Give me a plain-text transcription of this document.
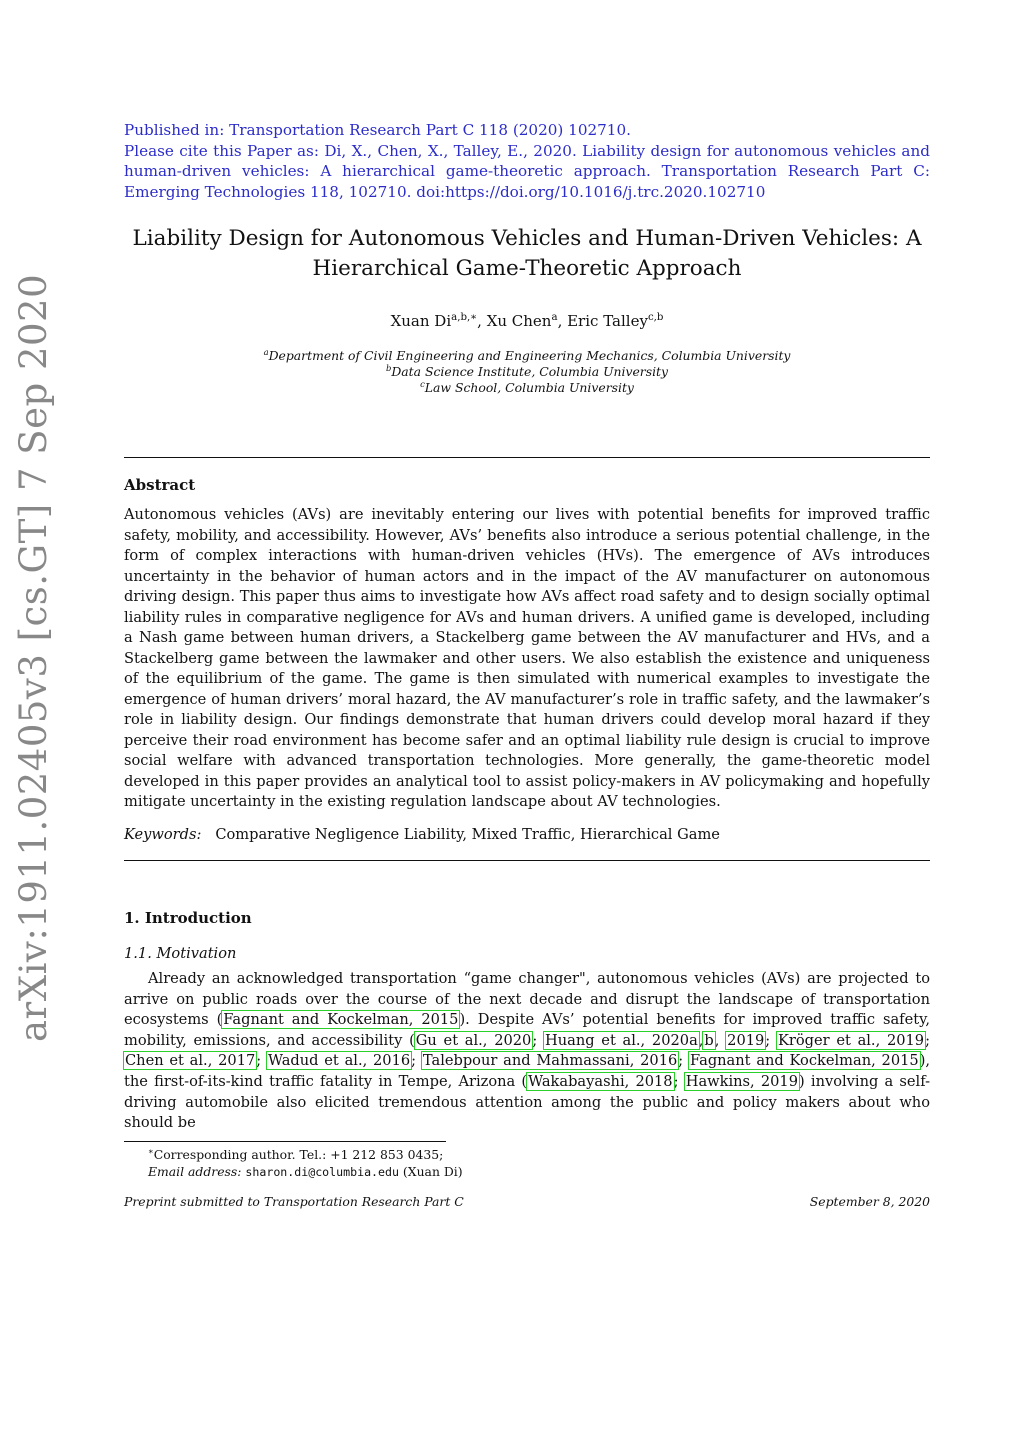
arXiv:1911.02405v3 [cs.GT] 7 Sep 2020
Published in: Transportation Research Part C 118 (2020) 102710.
Please cite this Paper as: Di, X., Chen, X., Talley, E., 2020. Liability design for autonomous vehicles and human-driven vehicles: A hierarchical game-theoretic approach. Transportation Research Part C: Emerging Technologies 118, 102710. doi:https://doi.org/10.1016/j.trc.2020.102710
Liability Design for Autonomous Vehicles and Human-Driven Vehicles: A
Hierarchical Game-Theoretic Approach
Xuan $Di^{a,b,∗}$, Xu Chen$^a$, Eric Talley$^{c,b}$
$^a$Department of Civil Engineering and Engineering Mechanics, Columbia University
$^b$Data Science Institute, Columbia University
$^c$Law School, Columbia University
Abstract
Autonomous vehicles (AVs) are inevitably entering our lives with potential benefits for improved traffic safety, mobility, and accessibility. However, AVs’ benefits also introduce a serious potential challenge, in the form of complex interactions with human-driven vehicles (HVs). The emergence of AVs introduces uncertainty in the behavior of human actors and in the impact of the AV manufacturer on autonomous driving design. This paper thus aims to investigate how AVs affect road safety and to design socially optimal liability rules in comparative negligence for AVs and human drivers. A unified game is developed, including a Nash game between human drivers, a Stackelberg game between the AV manufacturer and HVs, and a Stackelberg game between the lawmaker and other users. We also establish the existence and uniqueness of the equilibrium of the game. The game is then simulated with numerical examples to investigate the emergence of human drivers’ moral hazard, the AV manufacturer’s role in traffic safety, and the lawmaker’s role in liability design. Our findings demonstrate that human drivers could develop moral hazard if they perceive their road environment has become safer and an optimal liability rule design is crucial to improve social welfare with advanced transportation technologies. More generally, the game-theoretic model developed in this paper provides an analytical tool to assist policy-makers in AV policymaking and hopefully mitigate uncertainty in the existing regulation landscape about AV technologies.
Keywords: Comparative Negligence Liability, Mixed Traffic, Hierarchical Game
1. Introduction
1.1. Motivation
Already an acknowledged transportation “game changer", autonomous vehicles (AVs) are projected to arrive on public roads over the course of the next decade and disrupt the landscape of transportation ecosystems (Fagnant and Kockelman, 2015). Despite AVs’ potential benefits for improved traffic safety, mobility, emissions, and accessibility (Gu et al., 2020; Huang et al., 2020a,b, 2019; Kröger et al., 2019; Chen et al., 2017; Wadud et al., 2016; Talebpour and Mahmassani, 2016; Fagnant and Kockelman, 2015), the first-of-its-kind traffic fatality in Tempe, Arizona (Wakabayashi, 2018; Hawkins, 2019) involving a self-driving automobile also elicited tremendous attention among the public and policy makers about who should be
∗Corresponding author. Tel.: +1 212 853 0435;
Email address: sharon.di@columbia.edu (Xuan Di)
Preprint submitted to Transportation Research Part C	September 8, 2020
